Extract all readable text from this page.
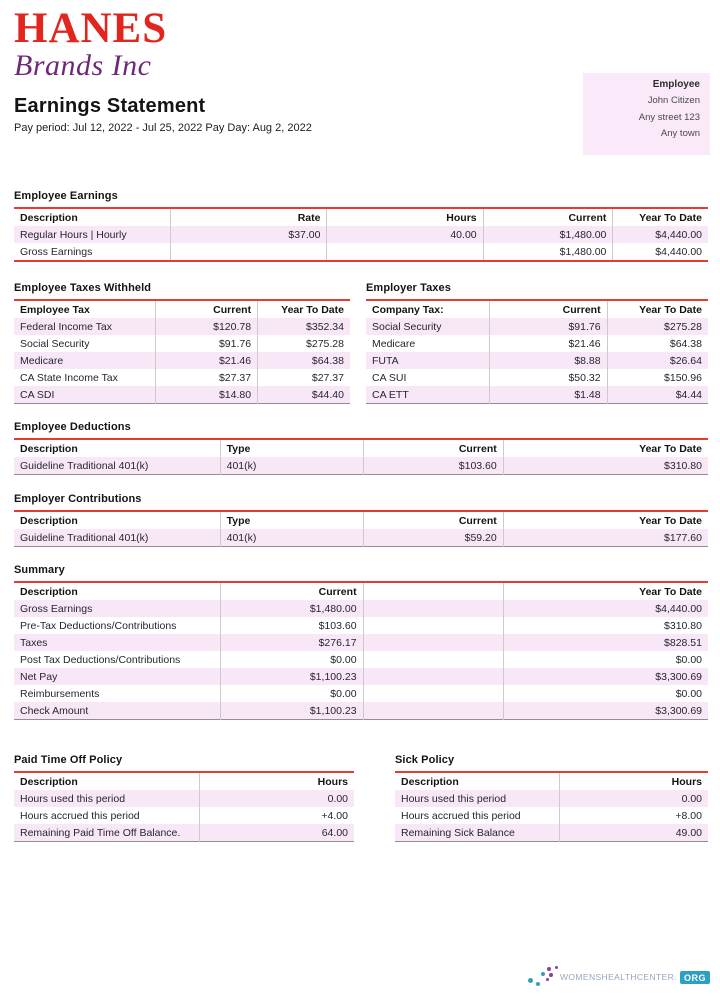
HANES
Brands Inc
Employee
John Citizen
Any street 123
Any town
Earnings Statement
Pay period: Jul 12, 2022 - Jul 25, 2022 Pay Day: Aug 2, 2022
Employee Earnings
Description	Rate	Hours	Current	Year To Date
Regular Hours | Hourly	$37.00	40.00	$1,480.00	$4,440.00
Gross Earnings			$1,480.00	$4,440.00
Employee Taxes Withheld
Employee Tax	Current	Year To Date
Federal Income Tax	$120.78	$352.34
Social Security	$91.76	$275.28
Medicare	$21.46	$64.38
CA State Income Tax	$27.37	$27.37
CA SDI	$14.80	$44.40
Employer Taxes
Company Tax:	Current	Year To Date
Social Security	$91.76	$275.28
Medicare	$21.46	$64.38
FUTA	$8.88	$26.64
CA SUI	$50.32	$150.96
CA ETT	$1.48	$4.44
Employee Deductions
Description	Type	Current	Year To Date
Guideline Traditional 401(k)	401(k)	$103.60	$310.80
Employer Contributions
Description	Type	Current	Year To Date
Guideline Traditional 401(k)	401(k)	$59.20	$177.60
Summary
Description	Current		Year To Date
Gross Earnings	$1,480.00		$4,440.00
Pre-Tax Deductions/Contributions	$103.60		$310.80
Taxes	$276.17		$828.51
Post Tax Deductions/Contributions	$0.00		$0.00
Net Pay	$1,100.23		$3,300.69
Reimbursements	$0.00		$0.00
Check Amount	$1,100.23		$3,300.69
Paid Time Off Policy
Description	Hours
Hours used this period	0.00
Hours accrued this period	+4.00
Remaining Paid Time Off Balance.	64.00
Sick Policy
Description	Hours
Hours used this period	0.00
Hours accrued this period	+8.00
Remaining Sick Balance	49.00
WOMENSHEALTHCENTER. ORG
